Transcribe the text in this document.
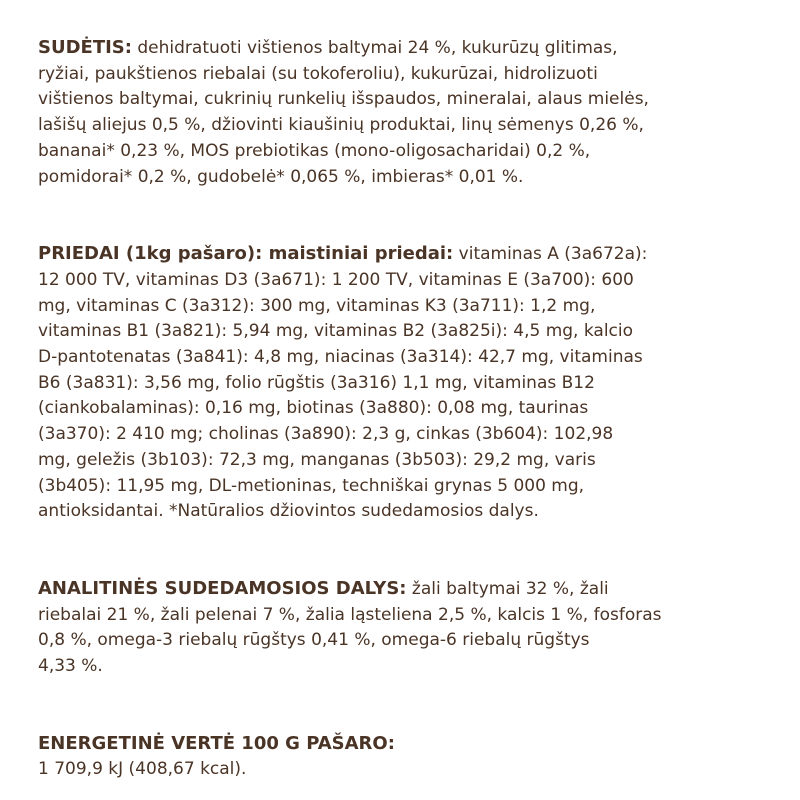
SUDĖTIS: dehidratuoti vištienos baltymai 24 %, kukurūzų glitimas,
ryžiai, paukštienos riebalai (su tokoferoliu), kukurūzai, hidrolizuoti
vištienos baltymai, cukrinių runkelių išspaudos, mineralai, alaus mielės,
lašišų aliejus 0,5 %, džiovinti kiaušinių produktai, linų sėmenys 0,26 %,
bananai* 0,23 %, MOS prebiotikas (mono-oligosacharidai) 0,2 %,
pomidorai* 0,2 %, gudobelė* 0,065 %, imbieras* 0,01 %.

PRIEDAI (1kg pašaro): maistiniai priedai: vitaminas A (3a672a):
12 000 TV, vitaminas D3 (3a671): 1 200 TV, vitaminas E (3a700): 600
mg, vitaminas C (3a312): 300 mg, vitaminas K3 (3a711): 1,2 mg,
vitaminas B1 (3a821): 5,94 mg, vitaminas B2 (3a825i): 4,5 mg, kalcio
D-pantotenatas (3a841): 4,8 mg, niacinas (3a314): 42,7 mg, vitaminas
B6 (3a831): 3,56 mg, folio rūgštis (3a316) 1,1 mg, vitaminas B12
(ciankobalaminas): 0,16 mg, biotinas (3a880): 0,08 mg, taurinas
(3a370): 2 410 mg; cholinas (3a890): 2,3 g, cinkas (3b604): 102,98
mg, geležis (3b103): 72,3 mg, manganas (3b503): 29,2 mg, varis
(3b405): 11,95 mg, DL-metioninas, techniškai grynas 5 000 mg,
antioksidantai. *Natūralios džiovintos sudedamosios dalys.

ANALITINĖS SUDEDAMOSIOS DALYS: žali baltymai 32 %, žali
riebalai 21 %, žali pelenai 7 %, žalia ląsteliena 2,5 %, kalcis 1 %, fosforas
0,8 %, omega-3 riebalų rūgštys 0,41 %, omega-6 riebalų rūgštys
4,33 %.

ENERGETINĖ VERTĖ 100 G PAŠARO:
1 709,9 kJ (408,67 kcal).
